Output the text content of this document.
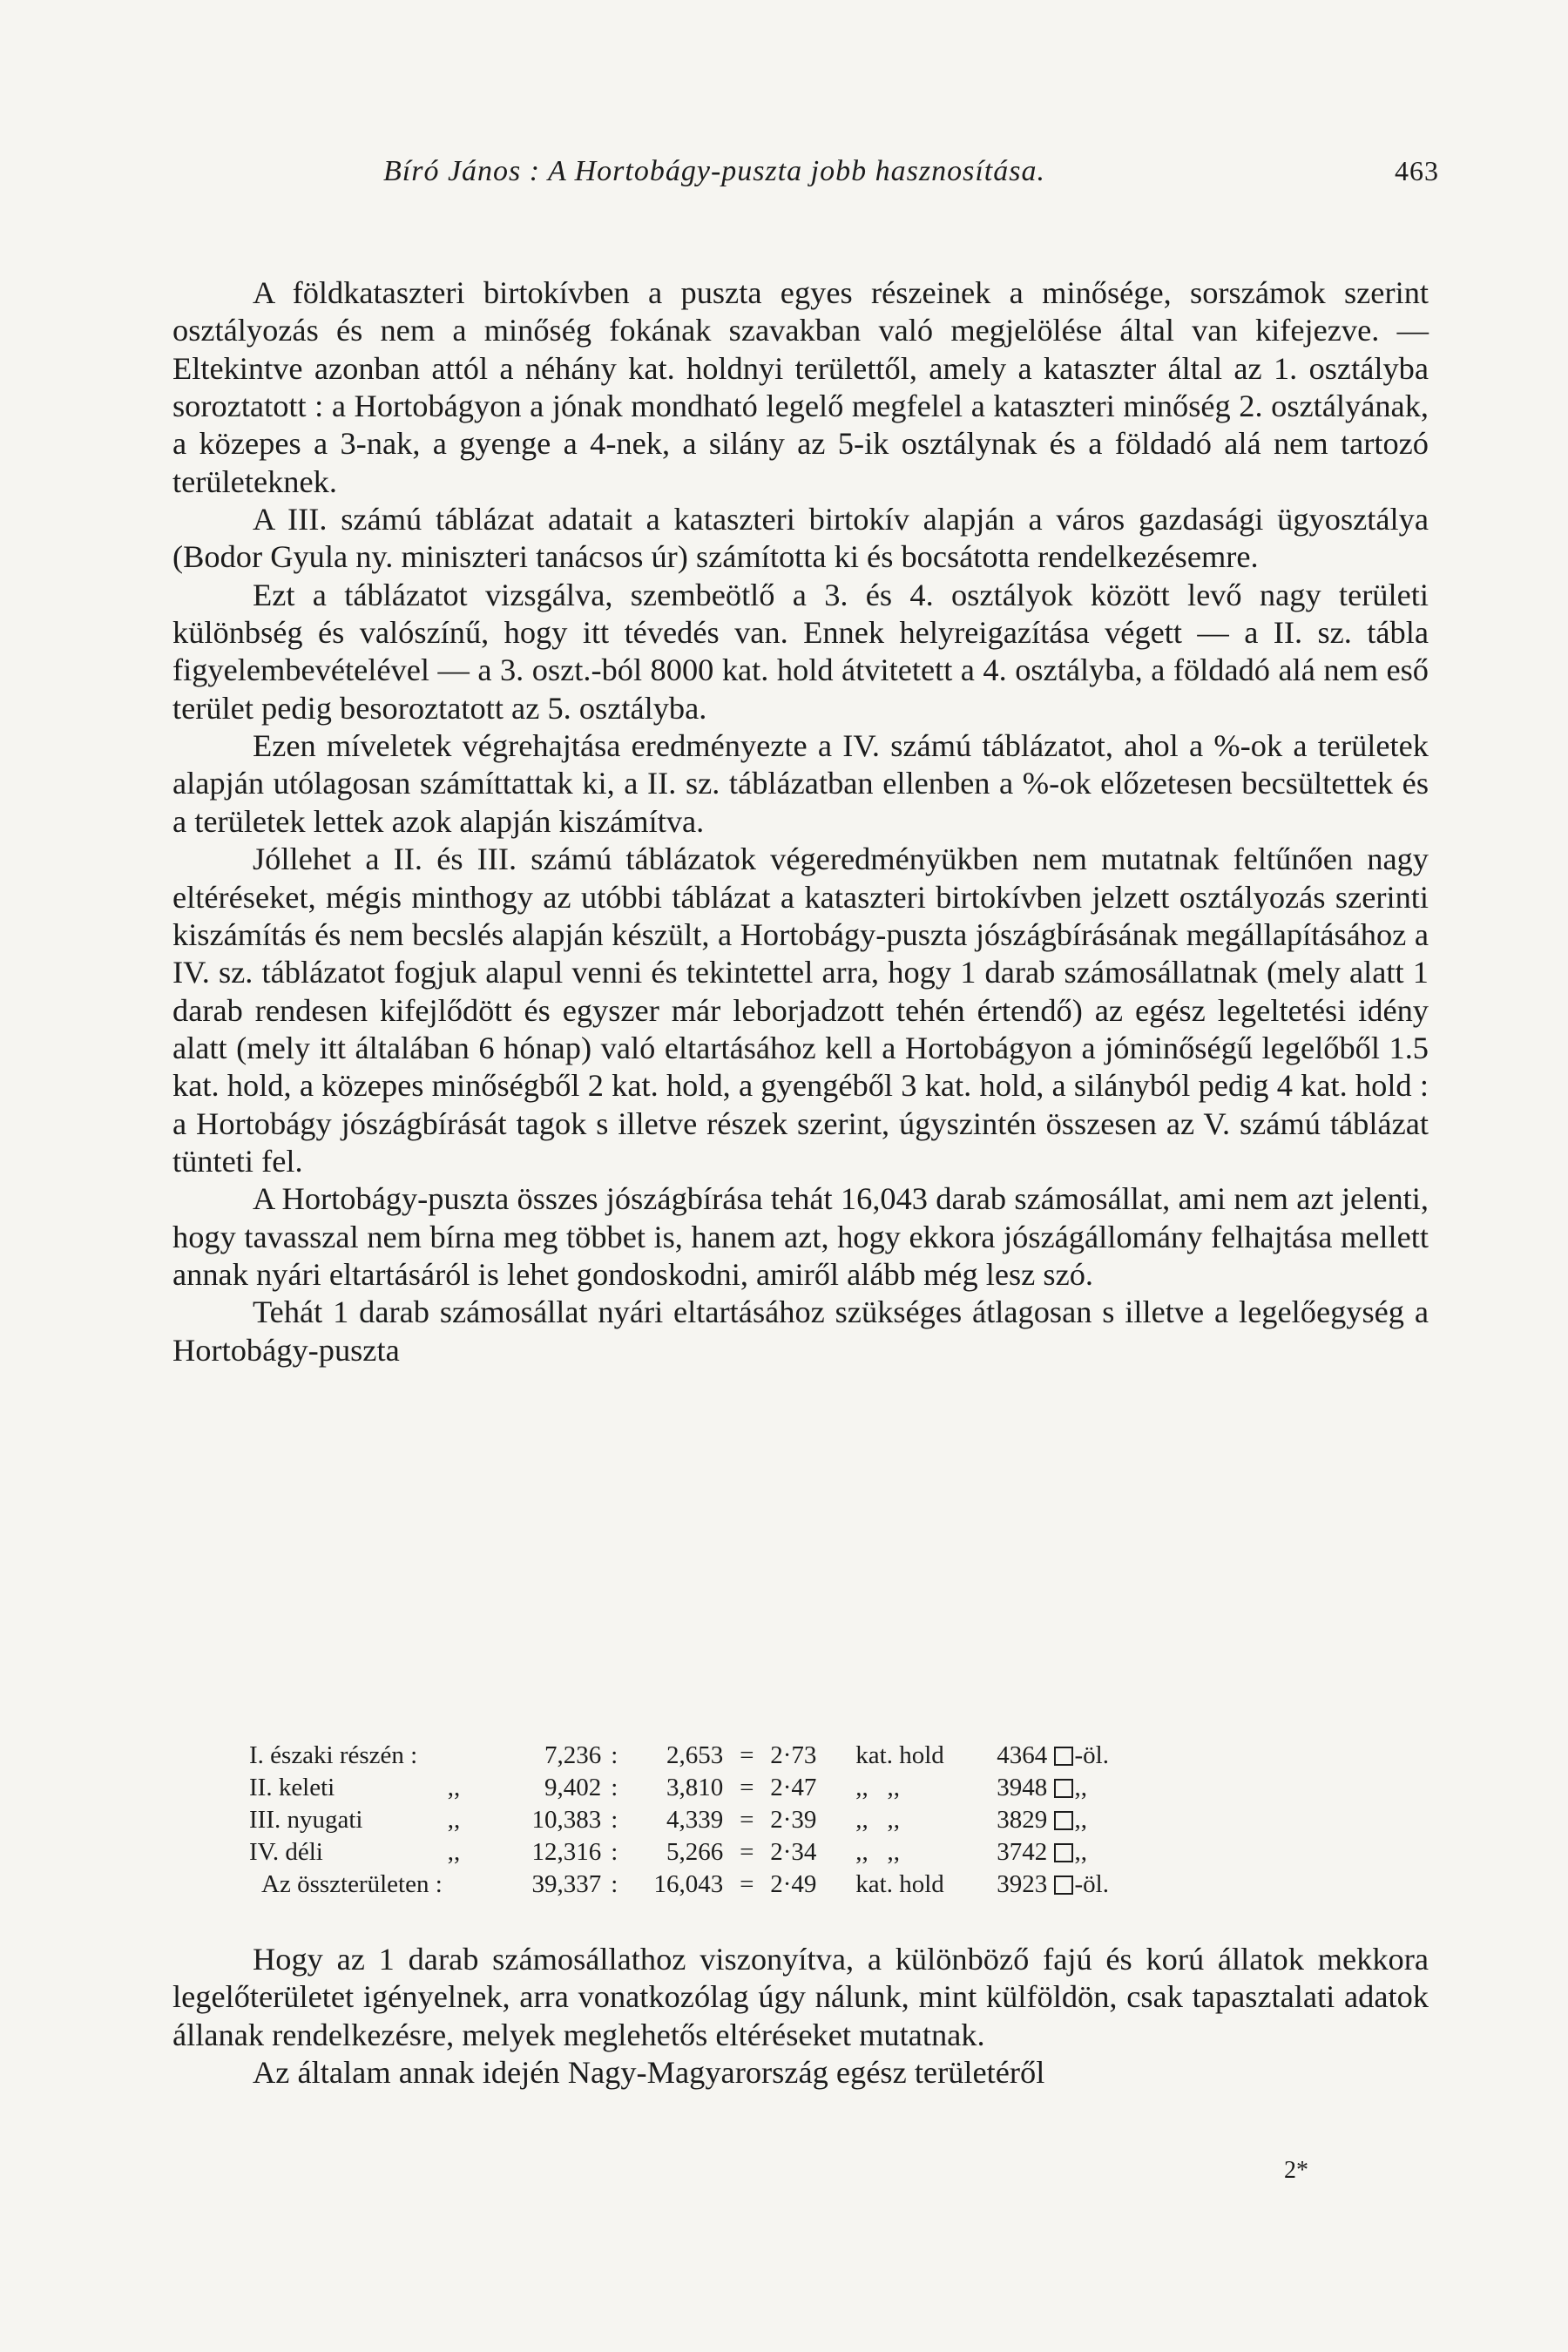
Bíró János : A Hortobágy-puszta jobb hasznosítása.	463

A földkataszteri birtokívben a puszta egyes részeinek a minősége, sorszámok szerint osztályozás és nem a minőség fokának szavakban való megjelölése által van kifejezve. — Eltekintve azonban attól a néhány kat. holdnyi területtől, amely a kataszter által az 1. osztályba soroztatott : a Hortobágyon a jónak mondható legelő megfelel a kataszteri minőség 2. osztályának, a közepes a 3-nak, a gyenge a 4-nek, a silány az 5-ik osztálynak és a földadó alá nem tartozó területeknek.

A III. számú táblázat adatait a kataszteri birtokív alapján a város gazdasági ügyosztálya (Bodor Gyula ny. miniszteri tanácsos úr) számította ki és bocsátotta rendelkezésemre.

Ezt a táblázatot vizsgálva, szembeötlő a 3. és 4. osztályok között levő nagy területi különbség és valószínű, hogy itt tévedés van. Ennek helyreigazítása végett — a II. sz. tábla figyelembevételével — a 3. oszt.-ból 8000 kat. hold átvitetett a 4. osztályba, a földadó alá nem eső terület pedig besoroztatott az 5. osztályba.

Ezen míveletek végrehajtása eredményezte a IV. számú táblázatot, ahol a %-ok a területek alapján utólagosan számíttattak ki, a II. sz. táblázatban ellenben a %-ok előzetesen becsültettek és a területek lettek azok alapján kiszámítva.

Jóllehet a II. és III. számú táblázatok végeredményükben nem mutatnak feltűnően nagy eltéréseket, mégis minthogy az utóbbi táblázat a kataszteri birtokívben jelzett osztályozás szerinti kiszámítás és nem becslés alapján készült, a Hortobágy-puszta jószágbírásának megállapításához a IV. sz. táblázatot fogjuk alapul venni és tekintettel arra, hogy 1 darab számosállatnak (mely alatt 1 darab rendesen kifejlődött és egyszer már leborjadzott tehén értendő) az egész legeltetési idény alatt (mely itt általában 6 hónap) való eltartásához kell a Hortobágyon a jóminőségű legelőből 1.5 kat. hold, a közepes minőségből 2 kat. hold, a gyengéből 3 kat. hold, a silányból pedig 4 kat. hold : a Hortobágy jószágbírását tagok s illetve részek szerint, úgyszintén összesen az V. számú táblázat tünteti fel.

A Hortobágy-puszta összes jószágbírása tehát 16,043 darab számosállat, ami nem azt jelenti, hogy tavasszal nem bírna meg többet is, hanem azt, hogy ekkora jószágállomány felhajtása mellett annak nyári eltartásáról is lehet gondoskodni, amiről alább még lesz szó.

Tehát 1 darab számosállat nyári eltartásához szükséges átlagosan s illetve a legelőegység a Hortobágy-puszta

I. északi részén :		7,236	:	2,653	=	2·73	kat. hold	4364 -öl.
II. keleti	,,	9,402	:	3,810	=	2·47	,,   ,,	3948 ,,
III. nyugati	,,	10,383	:	4,339	=	2·39	,,   ,,	3829 ,,
IV. déli	,,	12,316	:	5,266	=	2·34	,,   ,,	3742 ,,
Az összterületen :		39,337	:	16,043	=	2·49	kat. hold	3923 -öl.

Hogy az 1 darab számosállathoz viszonyítva, a különböző fajú és korú állatok mekkora legelőterületet igényelnek, arra vonatkozólag úgy nálunk, mint külföldön, csak tapasztalati adatok állanak rendelkezésre, melyek meglehetős eltéréseket mutatnak.

Az általam annak idején Nagy-Magyarország egész területéről

2*
